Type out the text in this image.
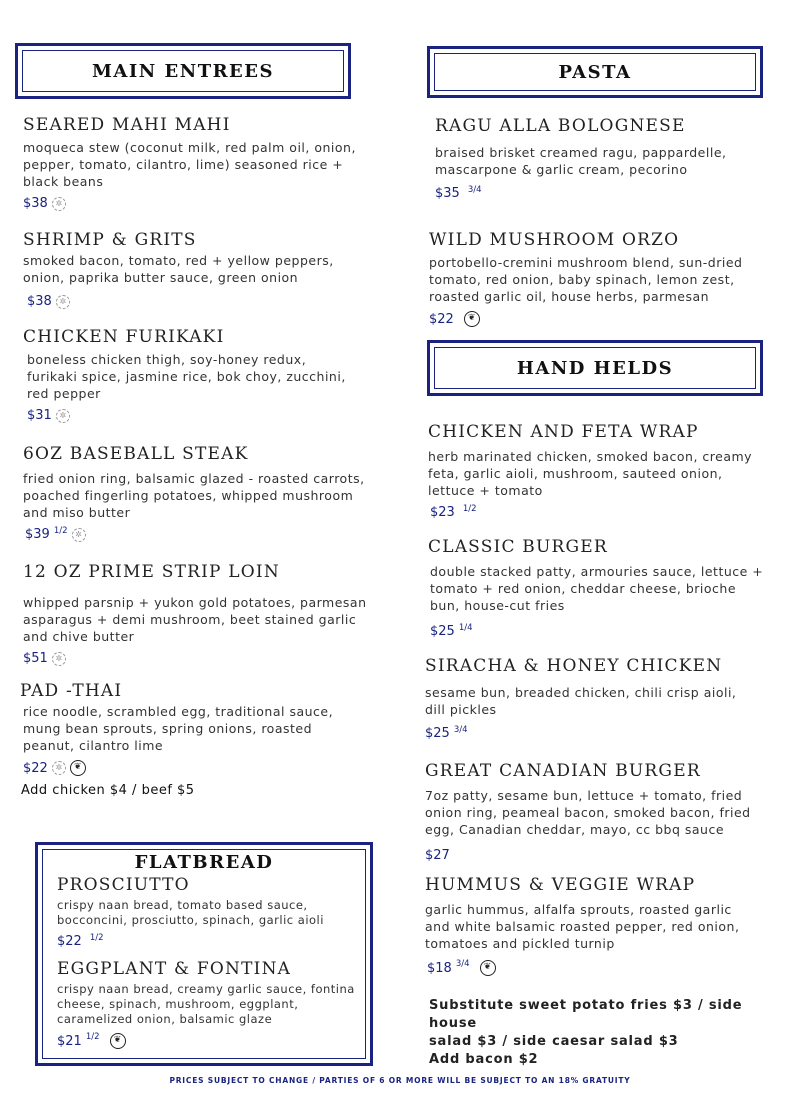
MAIN ENTREES	PASTA
HAND HELDS
SEARED MAHI MAHI
moqueca stew (coconut milk, red palm oil, onion, pepper, tomato, cilantro, lime) seasoned rice + black beans
$38 ✲
SHRIMP & GRITS
smoked bacon, tomato, red + yellow peppers, onion, paprika butter sauce, green onion
$38 ✲
CHICKEN FURIKAKI
boneless chicken thigh, soy-honey redux, furikaki spice, jasmine rice, bok choy, zucchini, red pepper
$31 ✲
6OZ BASEBALL STEAK
fried onion ring, balsamic glazed - roasted carrots, poached fingerling potatoes, whipped mushroom and miso butter
$39 1/2 ✲
12 OZ PRIME STRIP LOIN
whipped parsnip + yukon gold potatoes, parmesan asparagus + demi mushroom, beet stained garlic and chive butter
$51 ✲
PAD -THAI
rice noodle, scrambled egg, traditional sauce, mung bean sprouts, spring onions, roasted peanut, cilantro lime
$22 ✲	❦
Add chicken $4 / beef $5
FLATBREAD
PROSCIUTTO
crispy naan bread, tomato based sauce, bocconcini, prosciutto, spinach, garlic aioli
$22 1/2
EGGPLANT & FONTINA
crispy naan bread, creamy garlic sauce, fontina cheese, spinach, mushroom, eggplant, caramelized onion, balsamic glaze
$21 1/2	❦
RAGU ALLA BOLOGNESE
braised brisket creamed ragu, pappardelle, mascarpone & garlic cream, pecorino
$35 3/4
WILD MUSHROOM ORZO
portobello-cremini mushroom blend, sun-dried tomato, red onion, baby spinach, lemon zest, roasted garlic oil, house herbs, parmesan
$22	❦
CHICKEN AND FETA WRAP
herb marinated chicken, smoked bacon, creamy feta, garlic aioli, mushroom, sauteed onion, lettuce + tomato
$23 1/2
CLASSIC BURGER
double stacked patty, armouries sauce, lettuce + tomato + red onion, cheddar cheese, brioche bun, house-cut fries
$25 1/4
SIRACHA & HONEY CHICKEN
sesame bun, breaded chicken, chili crisp aioli, dill pickles
$25 3/4
GREAT CANADIAN BURGER
7oz patty, sesame bun, lettuce + tomato, fried onion ring, peameal bacon, smoked bacon, fried egg, Canadian cheddar, mayo, cc bbq sauce
$27
HUMMUS & VEGGIE WRAP
garlic hummus, alfalfa sprouts, roasted garlic and white balsamic roasted pepper, red onion, tomatoes and pickled turnip
$18 3/4	❦
Substitute sweet potato fries $3 / side house
salad $3 / side caesar salad $3
Add bacon $2
PRICES SUBJECT TO CHANGE / PARTIES OF 6 OR MORE WILL BE SUBJECT TO AN 18% GRATUITY
